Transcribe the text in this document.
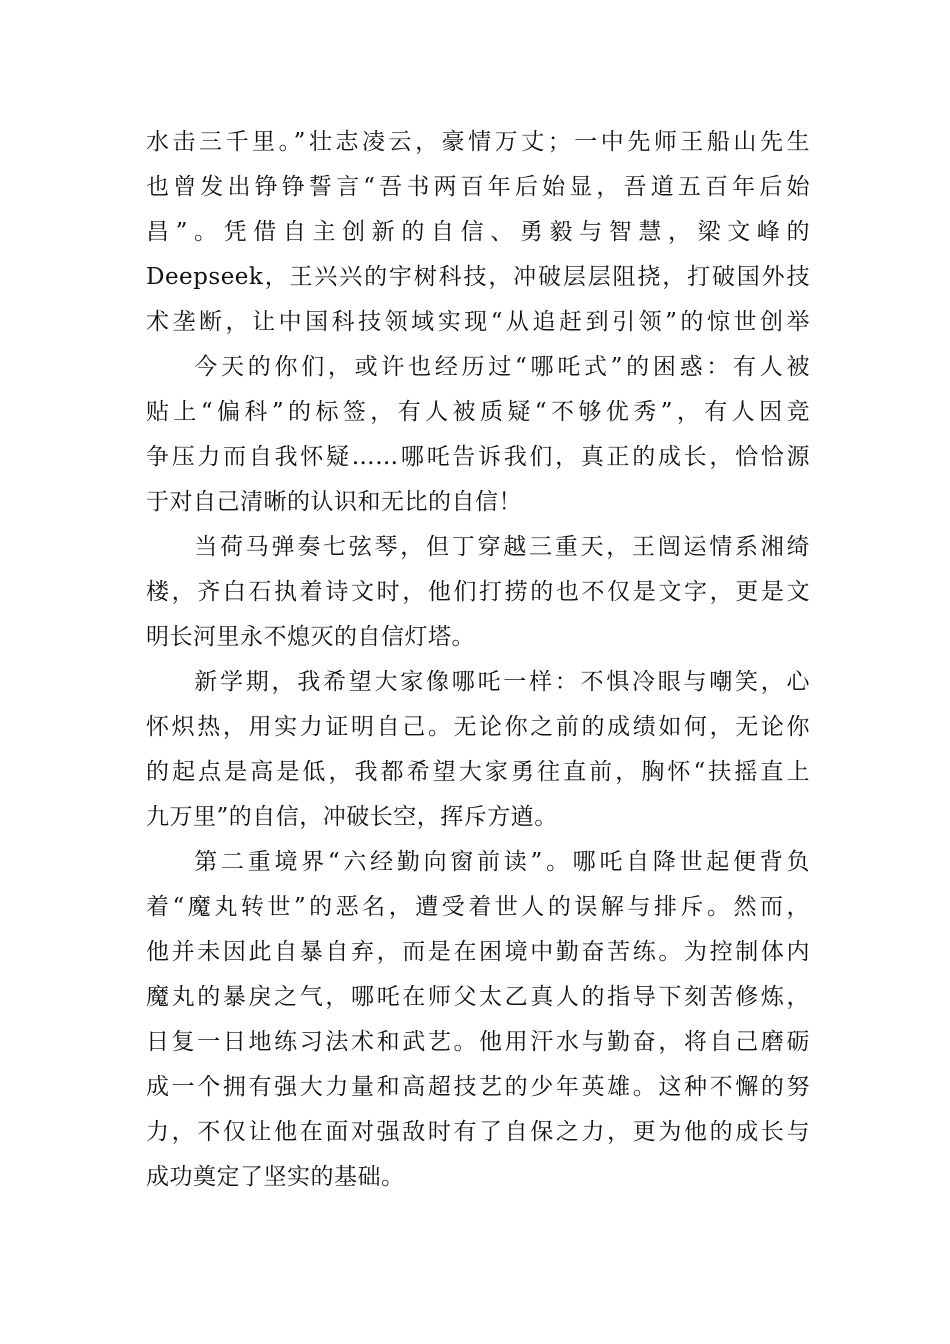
水击三千里。”壮志凌云，豪情万丈；一中先师王船山先生
也曾发出铮铮誓言“吾书两百年后始显，吾道五百年后始
昌”。凭借自主创新的自信、勇毅与智慧，梁文峰的
Deepseek，王兴兴的宇树科技，冲破层层阻挠，打破国外技
术垄断，让中国科技领域实现“从追赶到引领”的惊世创举
今天的你们，或许也经历过“哪吒式”的困惑：有人被
贴上“偏科”的标签，有人被质疑“不够优秀”，有人因竞
争压力而自我怀疑……哪吒告诉我们，真正的成长，恰恰源
于对自己清晰的认识和无比的自信！
当荷马弹奏七弦琴，但丁穿越三重天，王闿运情系湘绮
楼，齐白石执着诗文时，他们打捞的也不仅是文字，更是文
明长河里永不熄灭的自信灯塔。
新学期，我希望大家像哪吒一样：不惧冷眼与嘲笑，心
怀炽热，用实力证明自己。无论你之前的成绩如何，无论你
的起点是高是低，我都希望大家勇往直前，胸怀“扶摇直上
九万里”的自信，冲破长空，挥斥方遒。
第二重境界“六经勤向窗前读”。哪吒自降世起便背负
着“魔丸转世”的恶名，遭受着世人的误解与排斥。然而，
他并未因此自暴自弃，而是在困境中勤奋苦练。为控制体内
魔丸的暴戾之气，哪吒在师父太乙真人的指导下刻苦修炼，
日复一日地练习法术和武艺。他用汗水与勤奋，将自己磨砺
成一个拥有强大力量和高超技艺的少年英雄。这种不懈的努
力，不仅让他在面对强敌时有了自保之力，更为他的成长与
成功奠定了坚实的基础。
